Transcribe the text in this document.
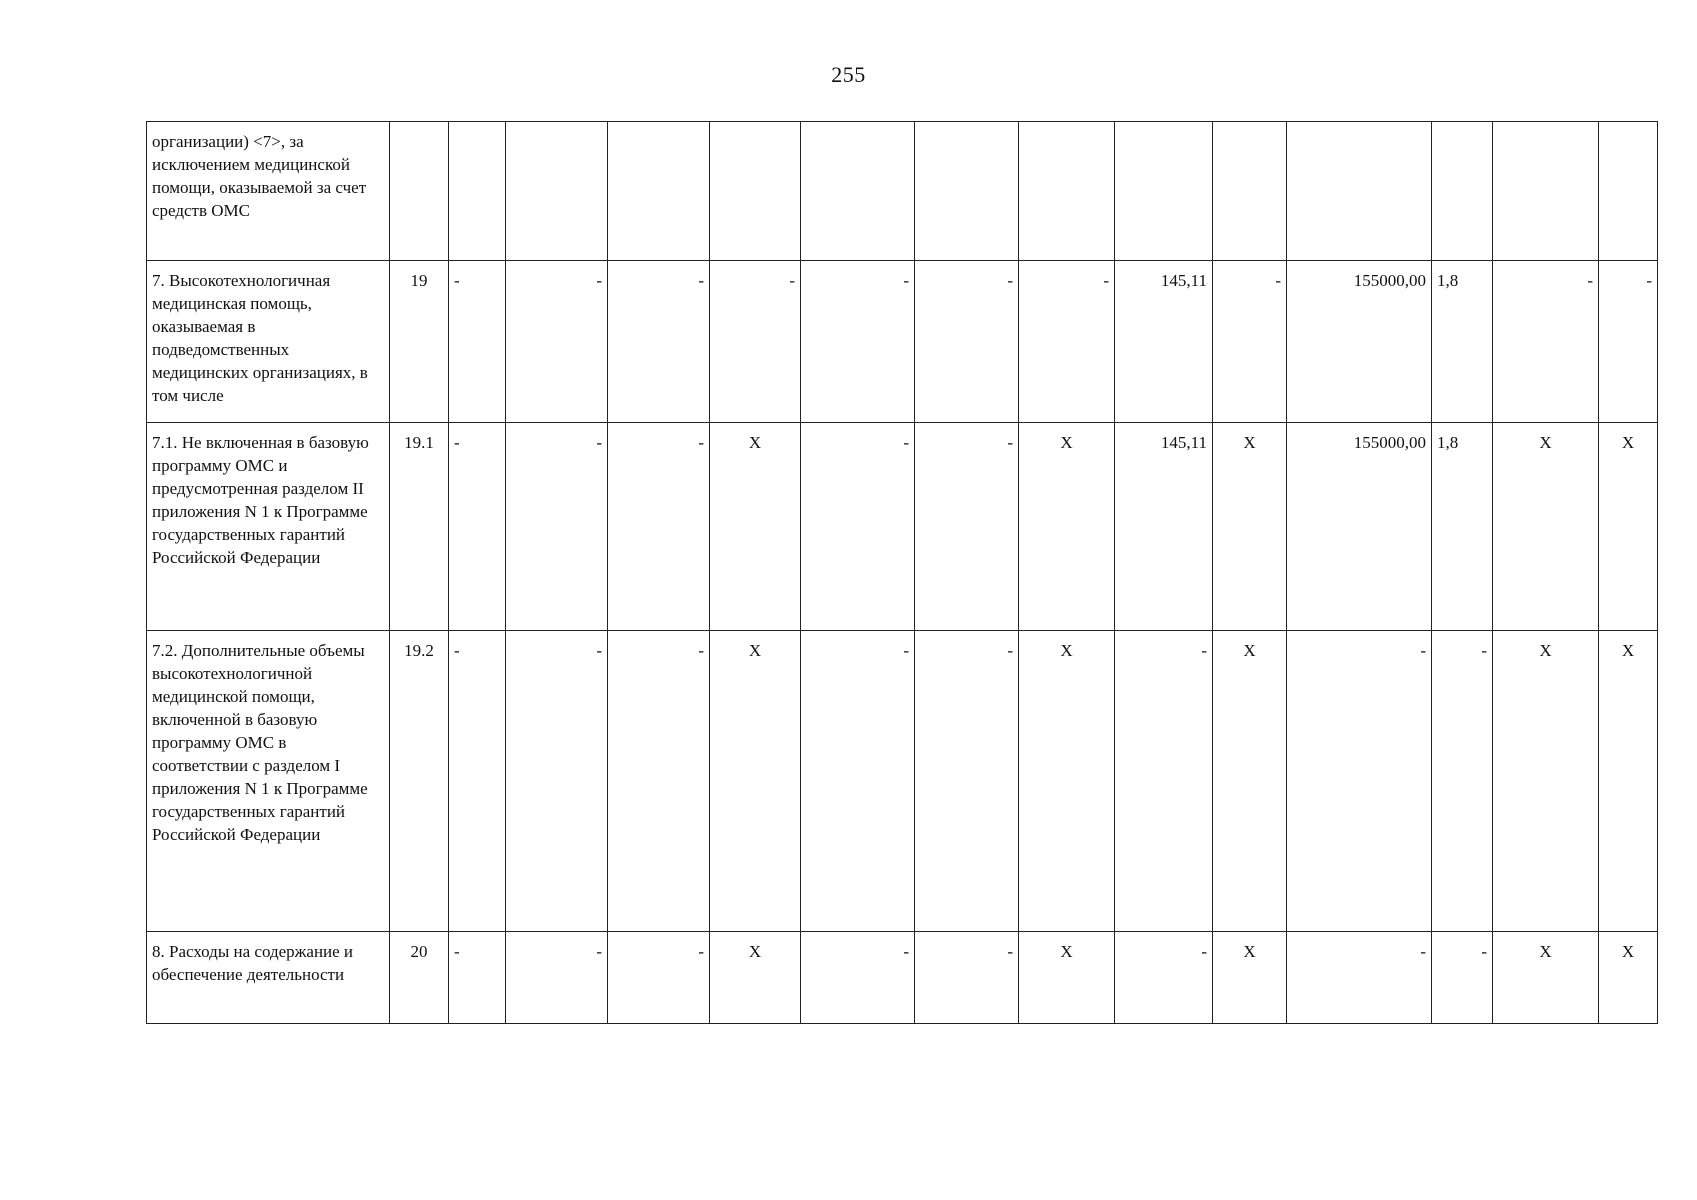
255
организации) <7>, за исключением медицинской помощи, оказываемой за счет средств ОМС														
7. Высокотехнологичная медицинская помощь, оказываемая в подведомственных медицинских организациях, в том числе	19	-	-	-	-	-	-	-	145,11	-	155000,00	1,8	-	-
7.1. Не включенная в базовую программу ОМС и предусмотренная разделом II приложения N 1 к Программе государственных гарантий Российской Федерации	19.1	-	-	-	X	-	-	X	145,11	X	155000,00	1,8	X	X
7.2. Дополнительные объемы высокотехнологичной медицинской помощи, включенной в базовую программу ОМС в соответствии с разделом I приложения N 1 к Программе государственных гарантий Российской Федерации	19.2	-	-	-	X	-	-	X	-	X	-	-	X	X
8. Расходы на содержание и обеспечение деятельности	20	-	-	-	X	-	-	X	-	X	-	-	X	X
